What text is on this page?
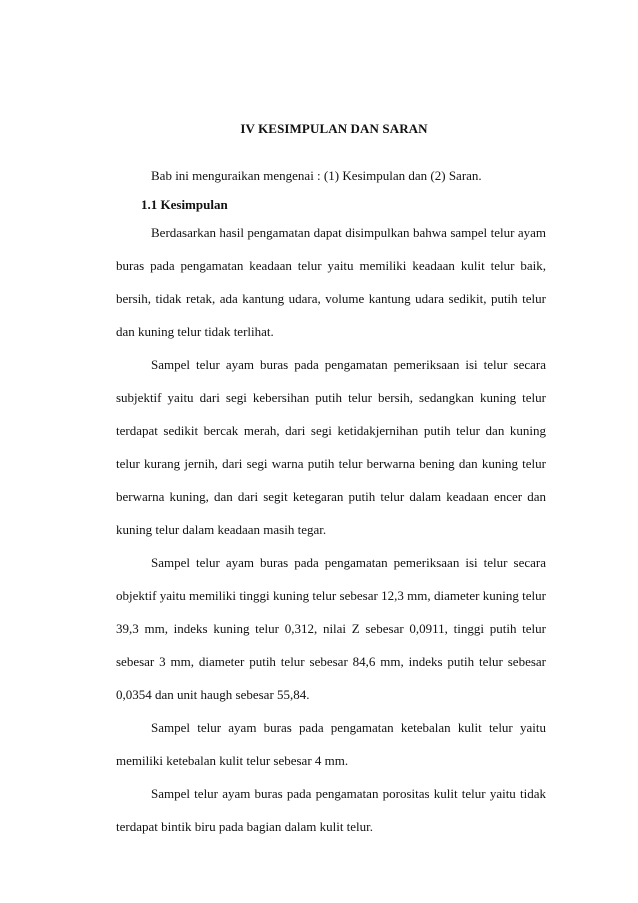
IV KESIMPULAN DAN SARAN
Bab ini menguraikan mengenai : (1) Kesimpulan dan (2) Saran.
1.1 Kesimpulan

Berdasarkan hasil pengamatan dapat disimpulkan bahwa sampel telur ayam buras pada pengamatan keadaan telur yaitu memiliki keadaan kulit telur baik, bersih, tidak retak, ada kantung udara, volume kantung udara sedikit, putih telur dan kuning telur tidak terlihat.

Sampel telur ayam buras pada pengamatan pemeriksaan isi telur secara subjektif yaitu dari segi kebersihan putih telur bersih, sedangkan kuning telur terdapat sedikit bercak merah, dari segi ketidakjernihan putih telur dan kuning telur kurang jernih, dari segi warna putih telur berwarna bening dan kuning telur berwarna kuning, dan dari segit ketegaran putih telur dalam keadaan encer dan kuning telur dalam keadaan masih tegar.

Sampel telur ayam buras pada pengamatan pemeriksaan isi telur secara objektif yaitu memiliki tinggi kuning telur sebesar 12,3 mm, diameter kuning telur 39,3 mm, indeks kuning telur 0,312, nilai Z sebesar 0,0911, tinggi putih telur sebesar 3 mm, diameter putih telur sebesar 84,6 mm, indeks putih telur sebesar 0,0354 dan unit haugh sebesar 55,84.

Sampel telur ayam buras pada pengamatan ketebalan kulit telur yaitu memiliki ketebalan kulit telur sebesar 4 mm.

Sampel telur ayam buras pada pengamatan porositas kulit telur yaitu tidak terdapat bintik biru pada bagian dalam kulit telur.
